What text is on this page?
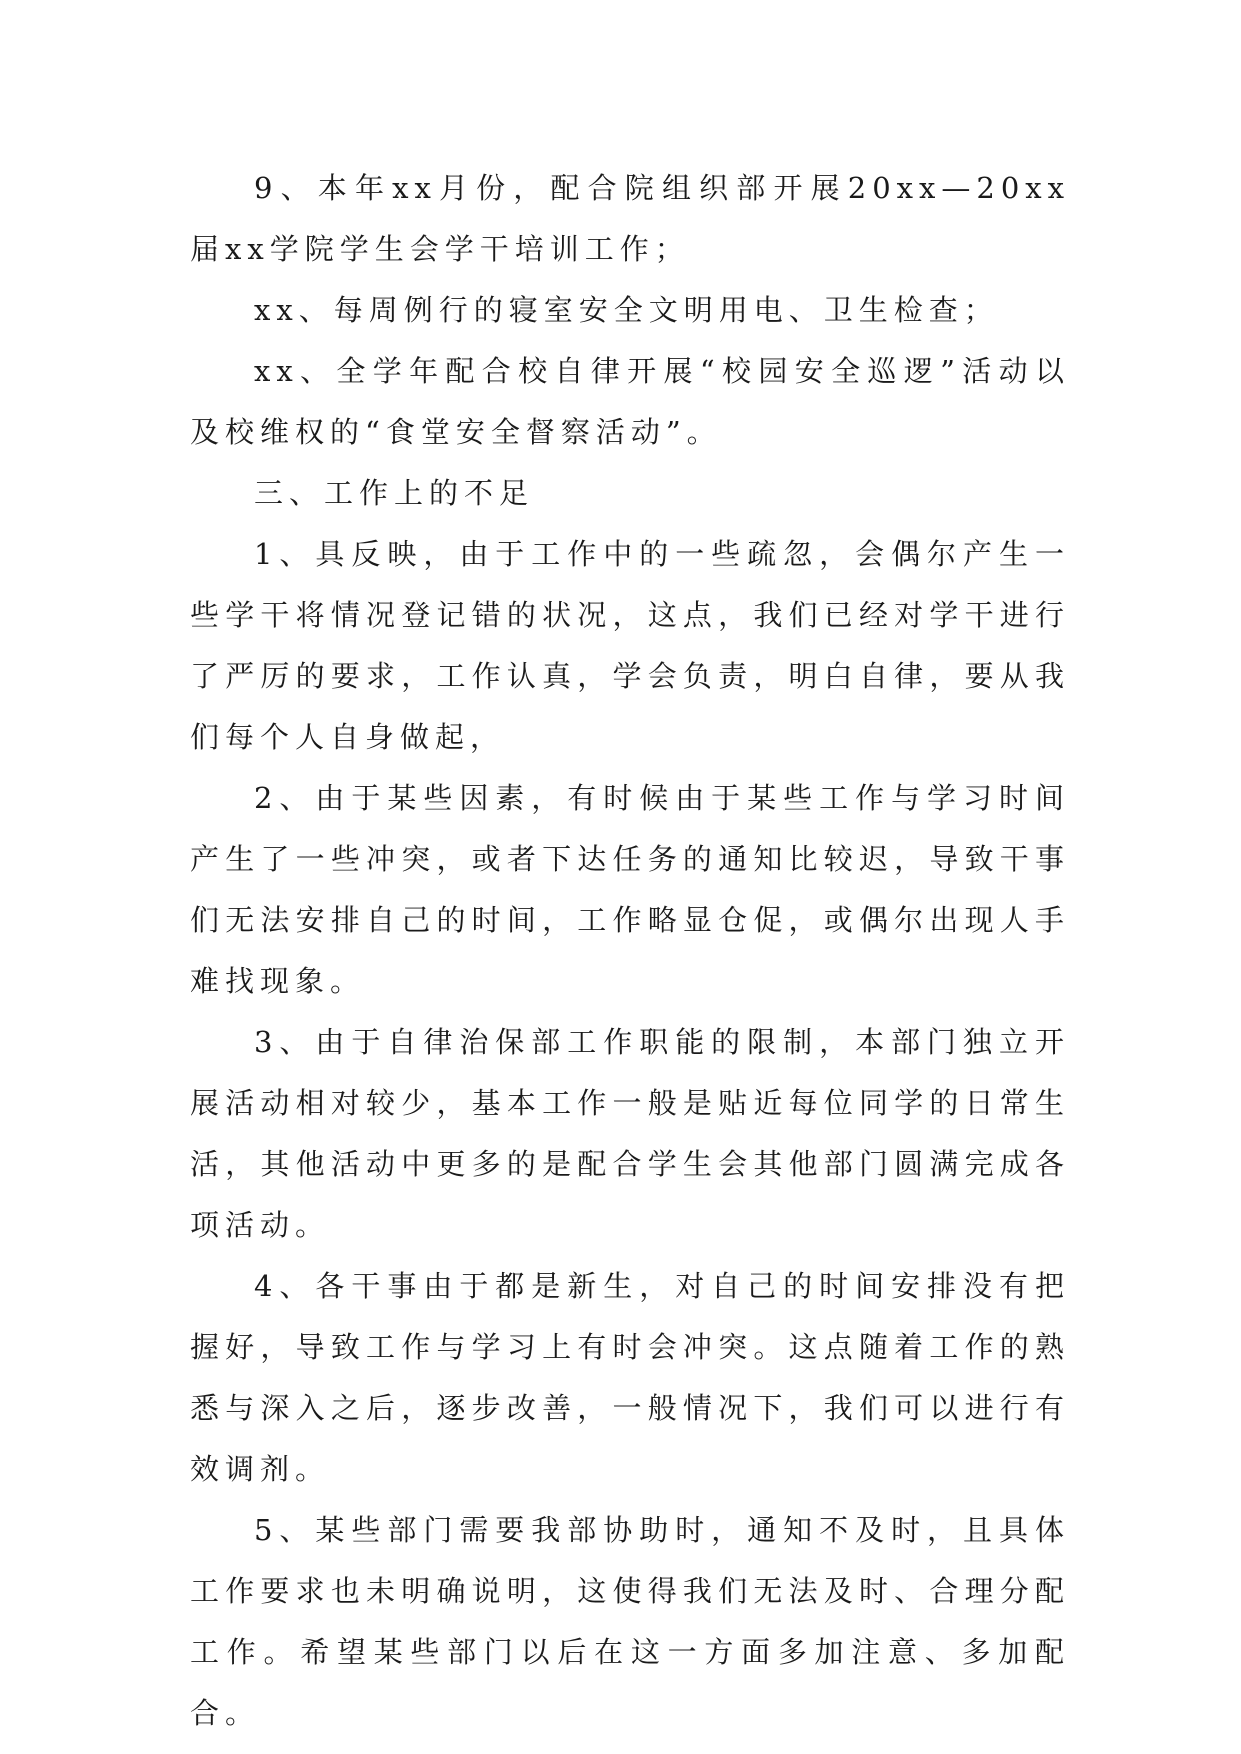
9、本年xx月份，配合院组织部开展20xx—20xx届xx学院学生会学干培训工作；

xx、每周例行的寝室安全文明用电、卫生检查；

xx、全学年配合校自律开展“校园安全巡逻”活动以及校维权的“食堂安全督察活动”。

三、工作上的不足

1、具反映，由于工作中的一些疏忽，会偶尔产生一些学干将情况登记错的状况，这点，我们已经对学干进行了严厉的要求，工作认真，学会负责，明白自律，要从我们每个人自身做起，

2、由于某些因素，有时候由于某些工作与学习时间产生了一些冲突，或者下达任务的通知比较迟，导致干事们无法安排自己的时间，工作略显仓促，或偶尔出现人手难找现象。

3、由于自律治保部工作职能的限制，本部门独立开展活动相对较少，基本工作一般是贴近每位同学的日常生活，其他活动中更多的是配合学生会其他部门圆满完成各项活动。

4、各干事由于都是新生，对自己的时间安排没有把握好，导致工作与学习上有时会冲突。这点随着工作的熟悉与深入之后，逐步改善，一般情况下，我们可以进行有效调剂。

5、某些部门需要我部协助时，通知不及时，且具体工作要求也未明确说明，这使得我们无法及时、合理分配工作。希望某些部门以后在这一方面多加注意、多加配合。
